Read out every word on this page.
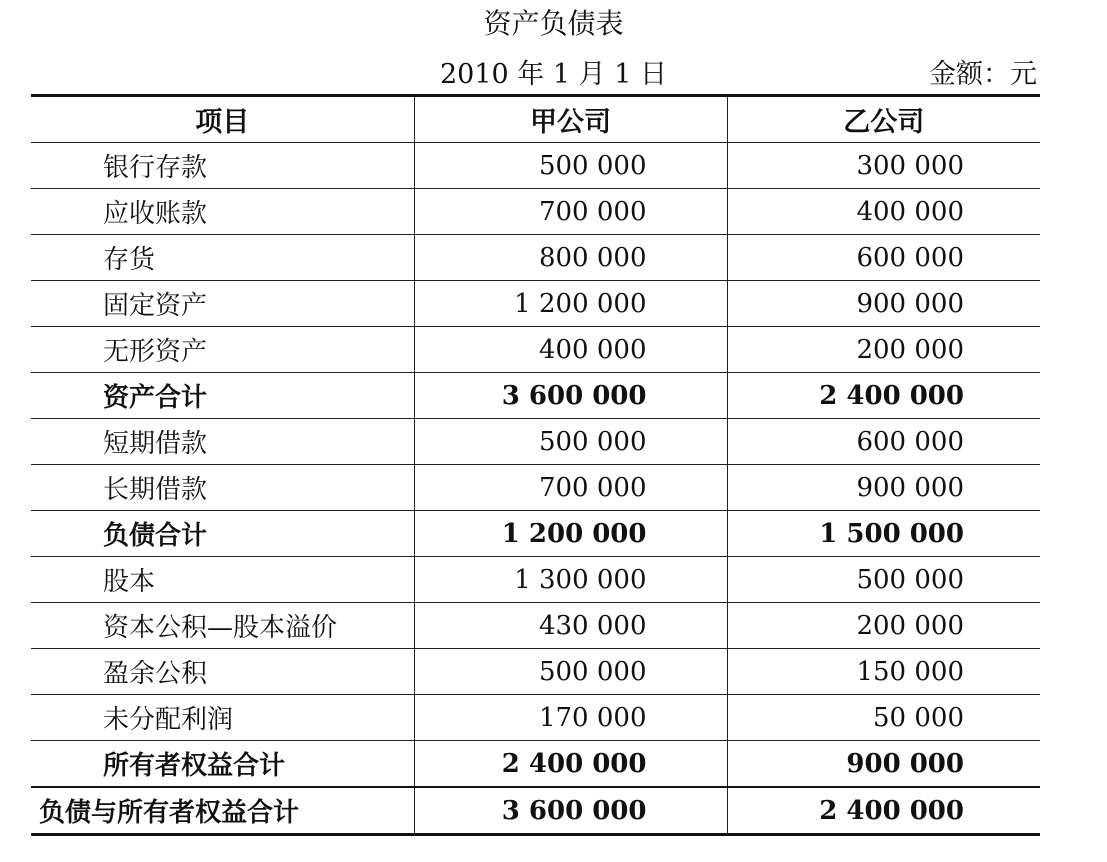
资产负债表
2010 年 1 月 1 日	金额：元
项目	甲公司	乙公司
银行存款	500 000	300 000
应收账款	700 000	400 000
存货	800 000	600 000
固定资产	1 200 000	900 000
无形资产	400 000	200 000
资产合计	3 600 000	2 400 000
短期借款	500 000	600 000
长期借款	700 000	900 000
负债合计	1 200 000	1 500 000
股本	1 300 000	500 000
资本公积—股本溢价	430 000	200 000
盈余公积	500 000	150 000
未分配利润	170 000	50 000
所有者权益合计	2 400 000	900 000
负债与所有者权益合计	3 600 000	2 400 000
